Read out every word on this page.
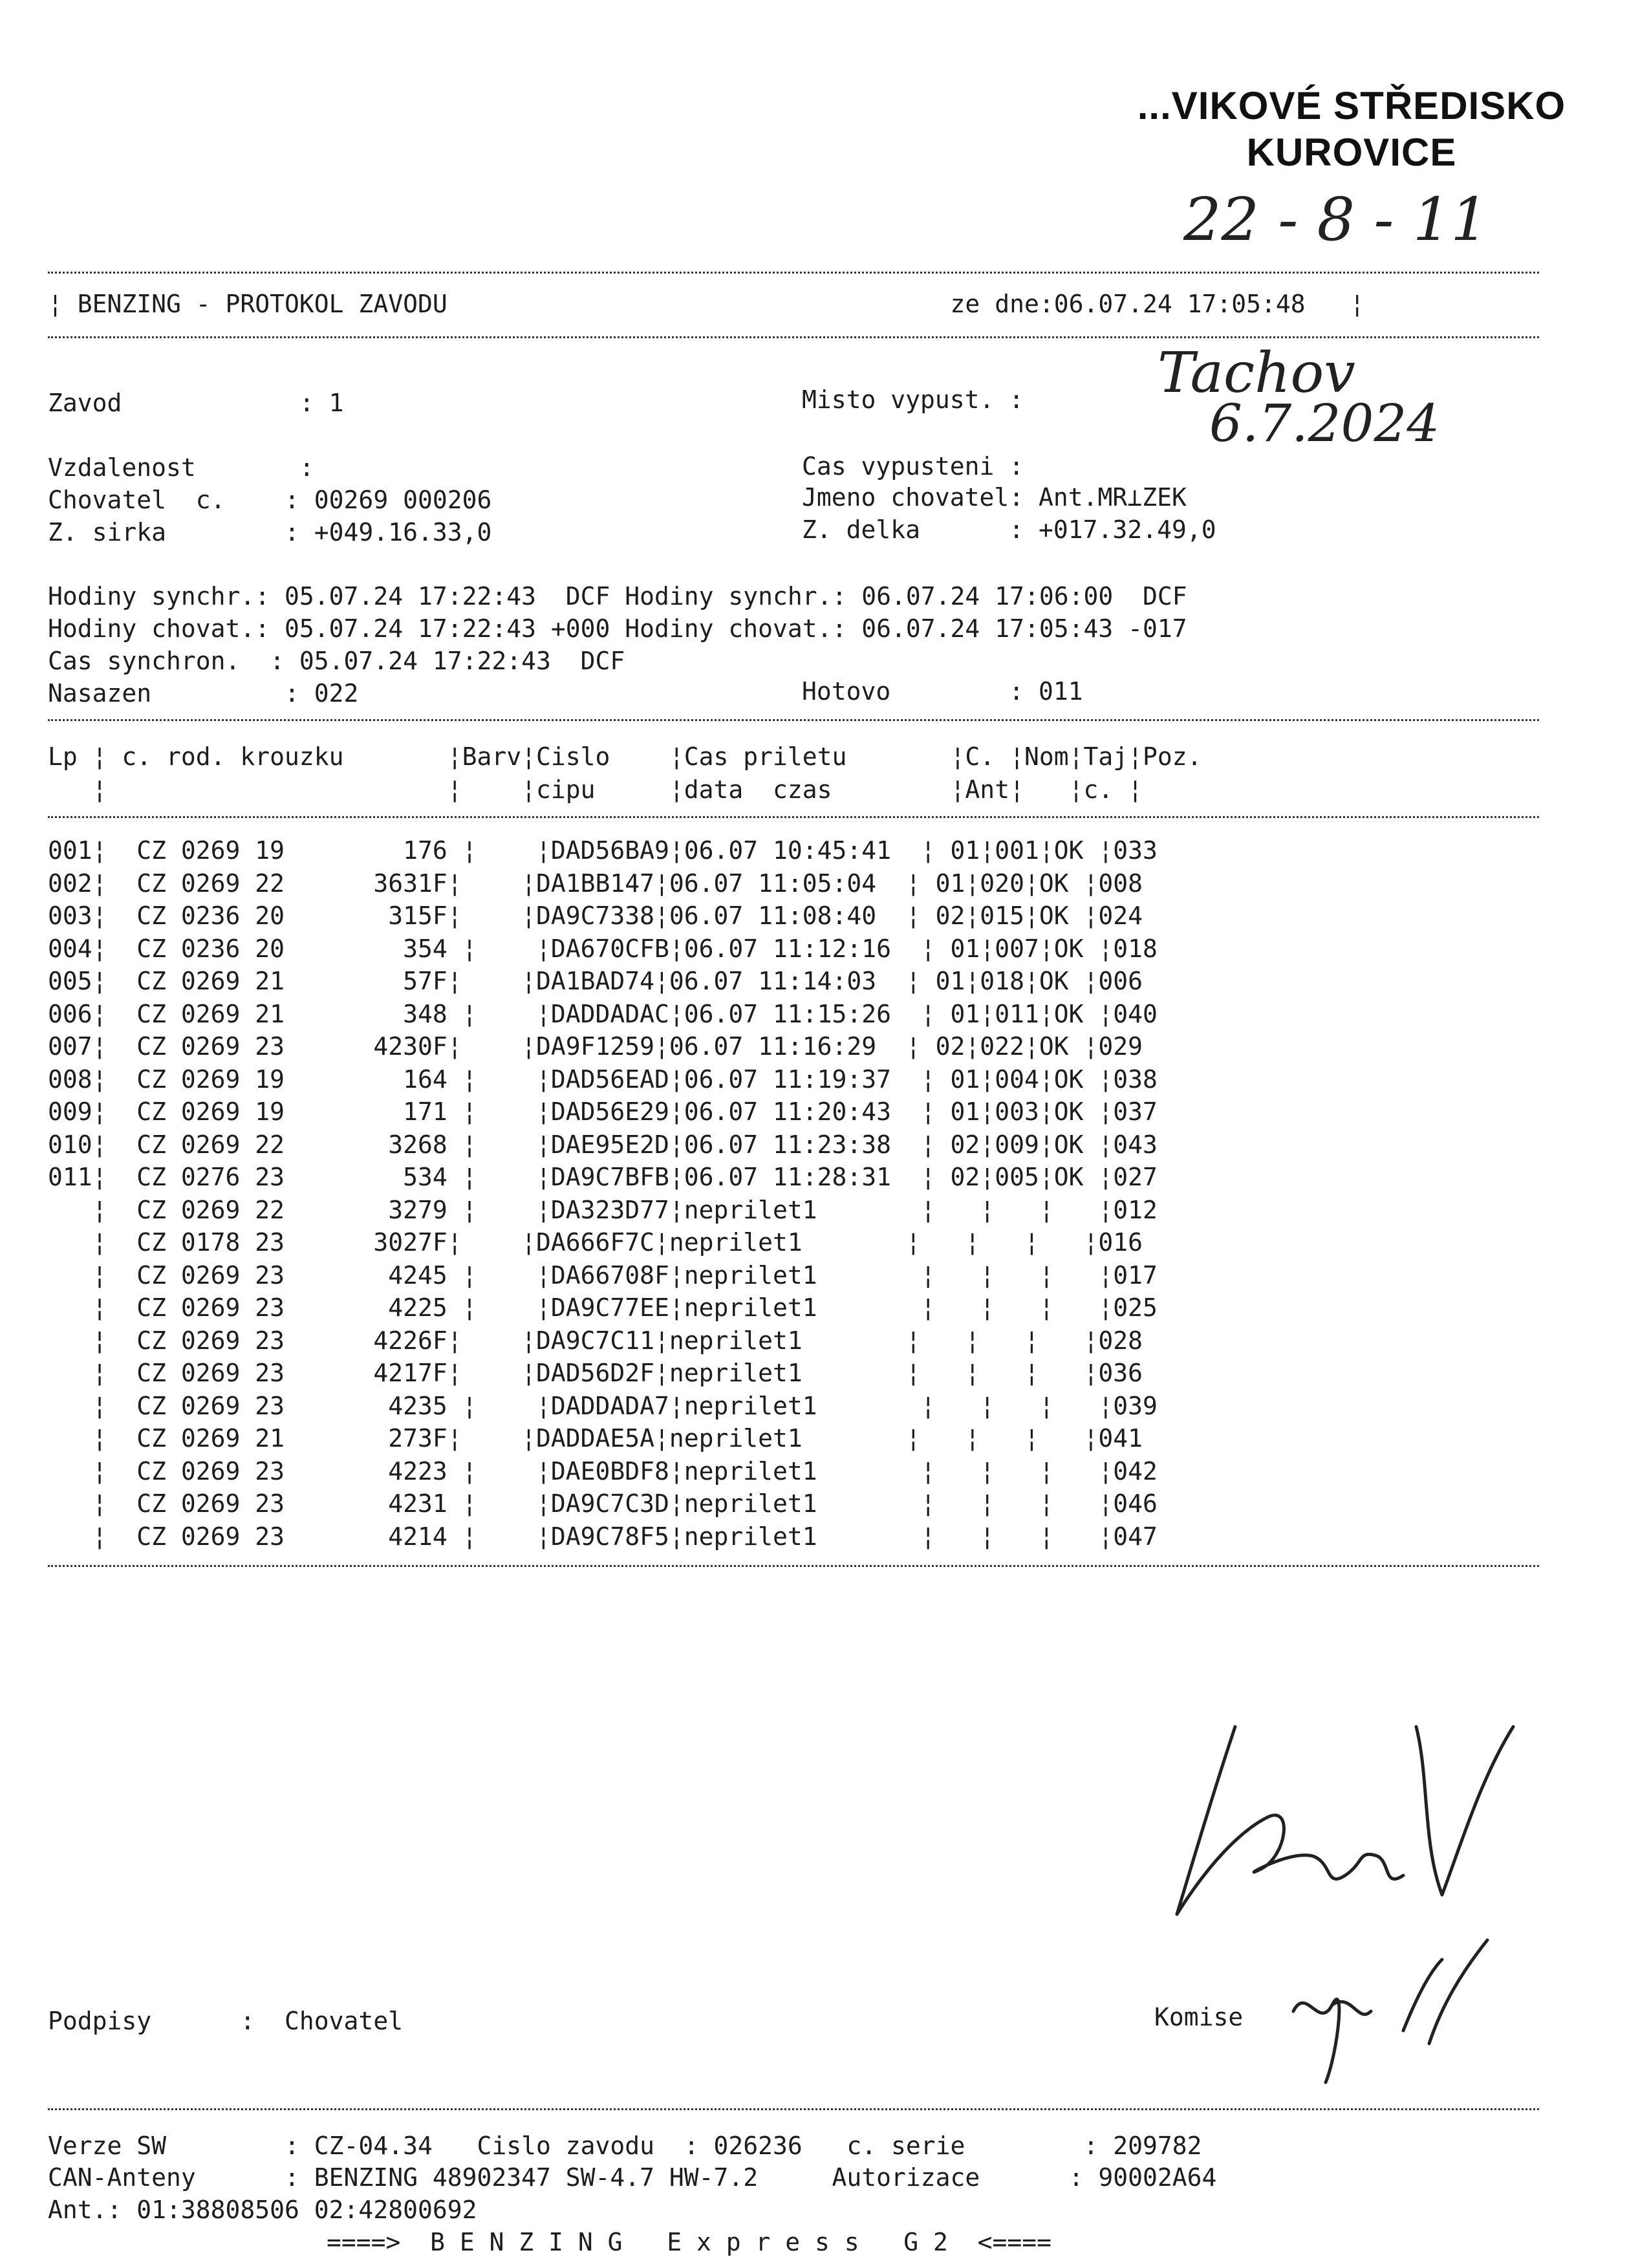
...VIKOVÉ STŘEDISKO
KUROVICE
22 - 8 - 11
¦ BENZING - PROTOKOL ZAVODU                                  ze dne:06.07.24 17:05:48   ¦
Tachov
6.7.2024
Zavod            : 1	Misto vypust. :
Vzdalenost       :	Cas vypusteni :
Chovatel  c.    : 00269 000206	Jmeno chovatel: Ant.MR⊥ZEK
Z. sirka        : +049.16.33,0	Z. delka      : +017.32.49,0
Hodiny synchr.: 05.07.24 17:22:43  DCF Hodiny synchr.: 06.07.24 17:06:00  DCF
Hodiny chovat.: 05.07.24 17:22:43 +000 Hodiny chovat.: 06.07.24 17:05:43 -017
Cas synchron.  : 05.07.24 17:22:43  DCF
Nasazen         : 022	Hotovo        : 011
Lp ¦ c. rod. krouzku       ¦Barv¦Cislo    ¦Cas priletu       ¦C. ¦Nom¦Taj¦Poz.
¦                       ¦    ¦cipu     ¦data  czas        ¦Ant¦   ¦c. ¦
001¦  CZ 0269 19        176 ¦    ¦DAD56BA9¦06.07 10:45:41  ¦ 01¦001¦OK ¦033
002¦  CZ 0269 22      3631F¦    ¦DA1BB147¦06.07 11:05:04  ¦ 01¦020¦OK ¦008
003¦  CZ 0236 20       315F¦    ¦DA9C7338¦06.07 11:08:40  ¦ 02¦015¦OK ¦024
004¦  CZ 0236 20        354 ¦    ¦DA670CFB¦06.07 11:12:16  ¦ 01¦007¦OK ¦018
005¦  CZ 0269 21        57F¦    ¦DA1BAD74¦06.07 11:14:03  ¦ 01¦018¦OK ¦006
006¦  CZ 0269 21        348 ¦    ¦DADDADAC¦06.07 11:15:26  ¦ 01¦011¦OK ¦040
007¦  CZ 0269 23      4230F¦    ¦DA9F1259¦06.07 11:16:29  ¦ 02¦022¦OK ¦029
008¦  CZ 0269 19        164 ¦    ¦DAD56EAD¦06.07 11:19:37  ¦ 01¦004¦OK ¦038
009¦  CZ 0269 19        171 ¦    ¦DAD56E29¦06.07 11:20:43  ¦ 01¦003¦OK ¦037
010¦  CZ 0269 22       3268 ¦    ¦DAE95E2D¦06.07 11:23:38  ¦ 02¦009¦OK ¦043
011¦  CZ 0276 23        534 ¦    ¦DA9C7BFB¦06.07 11:28:31  ¦ 02¦005¦OK ¦027
¦  CZ 0269 22       3279 ¦    ¦DA323D77¦neprilet1       ¦   ¦   ¦   ¦012
¦  CZ 0178 23      3027F¦    ¦DA666F7C¦neprilet1       ¦   ¦   ¦   ¦016
¦  CZ 0269 23       4245 ¦    ¦DA66708F¦neprilet1       ¦   ¦   ¦   ¦017
¦  CZ 0269 23       4225 ¦    ¦DA9C77EE¦neprilet1       ¦   ¦   ¦   ¦025
¦  CZ 0269 23      4226F¦    ¦DA9C7C11¦neprilet1       ¦   ¦   ¦   ¦028
¦  CZ 0269 23      4217F¦    ¦DAD56D2F¦neprilet1       ¦   ¦   ¦   ¦036
¦  CZ 0269 23       4235 ¦    ¦DADDADA7¦neprilet1       ¦   ¦   ¦   ¦039
¦  CZ 0269 21       273F¦    ¦DADDAE5A¦neprilet1       ¦   ¦   ¦   ¦041
¦  CZ 0269 23       4223 ¦    ¦DAE0BDF8¦neprilet1       ¦   ¦   ¦   ¦042
¦  CZ 0269 23       4231 ¦    ¦DA9C7C3D¦neprilet1       ¦   ¦   ¦   ¦046
¦  CZ 0269 23       4214 ¦    ¦DA9C78F5¦neprilet1       ¦   ¦   ¦   ¦047
Podpisy      :  Chovatel	Komise
Verze SW        : CZ-04.34   Cislo zavodu  : 026236   c. serie        : 209782
CAN-Anteny      : BENZING 48902347 SW-4.7 HW-7.2     Autorizace      : 90002A64
Ant.: 01:38808506 02:42800692
====>  B E N Z I N G   E x p r e s s   G 2  <====
